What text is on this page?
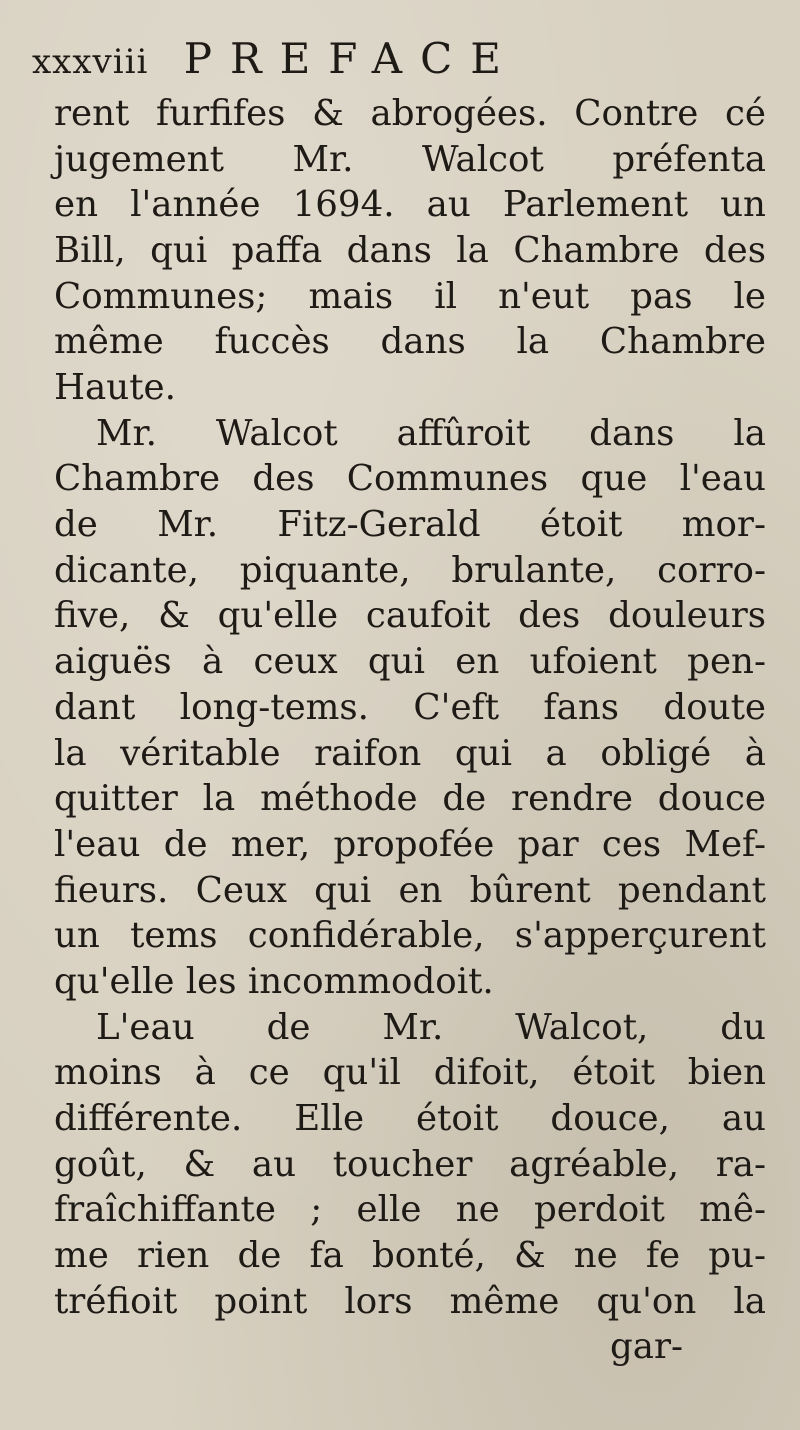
xxxviii PREFACE
rent furfifes & abrogées. Contre cé
jugement Mr. Walcot préfenta
en l'année 1694. au Parlement un
Bill, qui paffa dans la Chambre des
Communes; mais il n'eut pas le
même fuccès dans la Chambre
Haute.
Mr. Walcot affûroit dans la
Chambre des Communes que l'eau
de Mr. Fitz-Gerald étoit mor-
dicante, piquante, brulante, corro-
five, & qu'elle caufoit des douleurs
aiguës à ceux qui en ufoient pen-
dant long-tems. C'eft fans doute
la véritable raifon qui a obligé à
quitter la méthode de rendre douce
l'eau de mer, propofée par ces Mef-
fieurs. Ceux qui en bûrent pendant
un tems confidérable, s'apperçurent
qu'elle les incommodoit.
L'eau de Mr. Walcot, du
moins à ce qu'il difoit, étoit bien
différente. Elle étoit douce, au
goût, & au toucher agréable, ra-
fraîchiffante ; elle ne perdoit mê-
me rien de fa bonté, & ne fe pu-
tréfioit point lors même qu'on la
gar-
